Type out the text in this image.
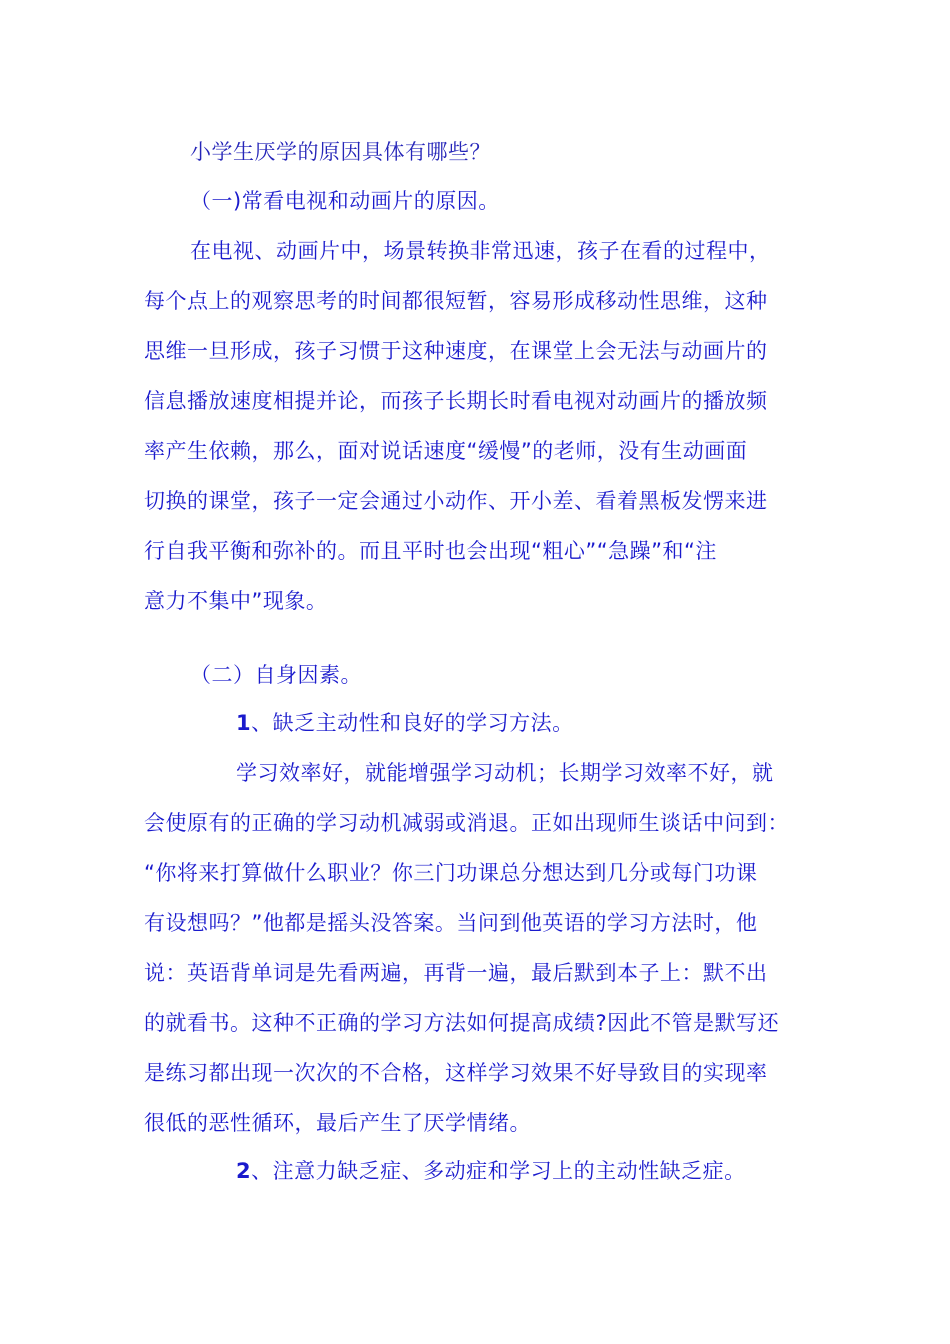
小学生厌学的原因具体有哪些？
（一)常看电视和动画片的原因。
在电视、动画片中，场景转换非常迅速，孩子在看的过程中，
每个点上的观察思考的时间都很短暂，容易形成移动性思维，这种
思维一旦形成，孩子习惯于这种速度，在课堂上会无法与动画片的
信息播放速度相提并论，而孩子长期长时看电视对动画片的播放频
率产生依赖，那么，面对说话速度“缓慢”的老师，没有生动画面
切换的课堂，孩子一定会通过小动作、开小差、看着黑板发愣来进
行自我平衡和弥补的。而且平时也会出现“粗心”“急躁”和“注
意力不集中”现象。
（二）自身因素。
1、缺乏主动性和良好的学习方法。
学习效率好，就能增强学习动机；长期学习效率不好，就
会使原有的正确的学习动机减弱或消退。正如出现师生谈话中问到：
“你将来打算做什么职业？你三门功课总分想达到几分或每门功课
有设想吗？”他都是摇头没答案。当问到他英语的学习方法时，他
说：英语背单词是先看两遍，再背一遍，最后默到本子上：默不出
的就看书。这种不正确的学习方法如何提高成绩?因此不管是默写还
是练习都出现一次次的不合格，这样学习效果不好导致目的实现率
很低的恶性循环，最后产生了厌学情绪。
2、注意力缺乏症、多动症和学习上的主动性缺乏症。
